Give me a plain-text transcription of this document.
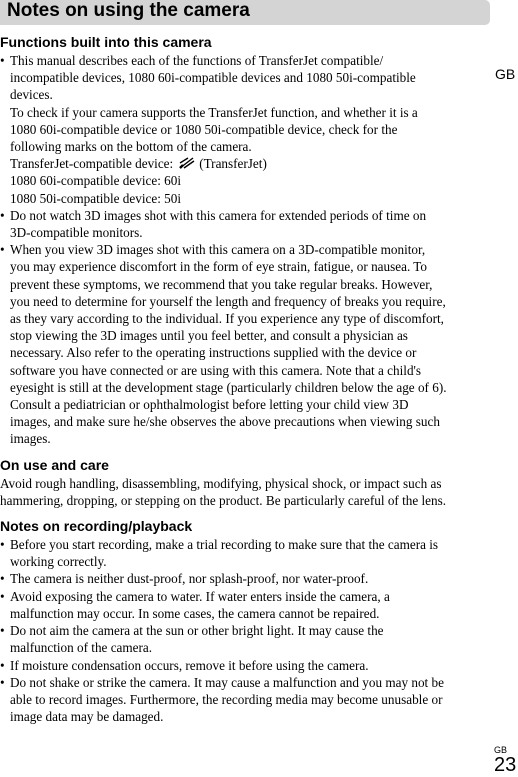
Notes on using the camera
GB
Functions built into this camera

• This manual describes each of the functions of TransferJet compatible/

incompatible devices, 1080 60i-compatible devices and 1080 50i-compatible

devices.

To check if your camera supports the TransferJet function, and whether it is a

1080 60i-compatible device or 1080 50i-compatible device, check for the

following marks on the bottom of the camera.

TransferJet-compatible device: (TransferJet)

1080 60i-compatible device: 60i

1080 50i-compatible device: 50i

• Do not watch 3D images shot with this camera for extended periods of time on

3D-compatible monitors.

• When you view 3D images shot with this camera on a 3D-compatible monitor,

you may experience discomfort in the form of eye strain, fatigue, or nausea. To

prevent these symptoms, we recommend that you take regular breaks. However,

you need to determine for yourself the length and frequency of breaks you require,

as they vary according to the individual. If you experience any type of discomfort,

stop viewing the 3D images until you feel better, and consult a physician as

necessary. Also refer to the operating instructions supplied with the device or

software you have connected or are using with this camera. Note that a child's

eyesight is still at the development stage (particularly children below the age of 6).

Consult a pediatrician or ophthalmologist before letting your child view 3D

images, and make sure he/she observes the above precautions when viewing such

images.

On use and care

Avoid rough handling, disassembling, modifying, physical shock, or impact such as

hammering, dropping, or stepping on the product. Be particularly careful of the lens.

Notes on recording/playback

• Before you start recording, make a trial recording to make sure that the camera is

working correctly.

• The camera is neither dust-proof, nor splash-proof, nor water-proof.

• Avoid exposing the camera to water. If water enters inside the camera, a

malfunction may occur. In some cases, the camera cannot be repaired.

• Do not aim the camera at the sun or other bright light. It may cause the

malfunction of the camera.

• If moisture condensation occurs, remove it before using the camera.

• Do not shake or strike the camera. It may cause a malfunction and you may not be

able to record images. Furthermore, the recording media may become unusable or

image data may be damaged.

GB
23
